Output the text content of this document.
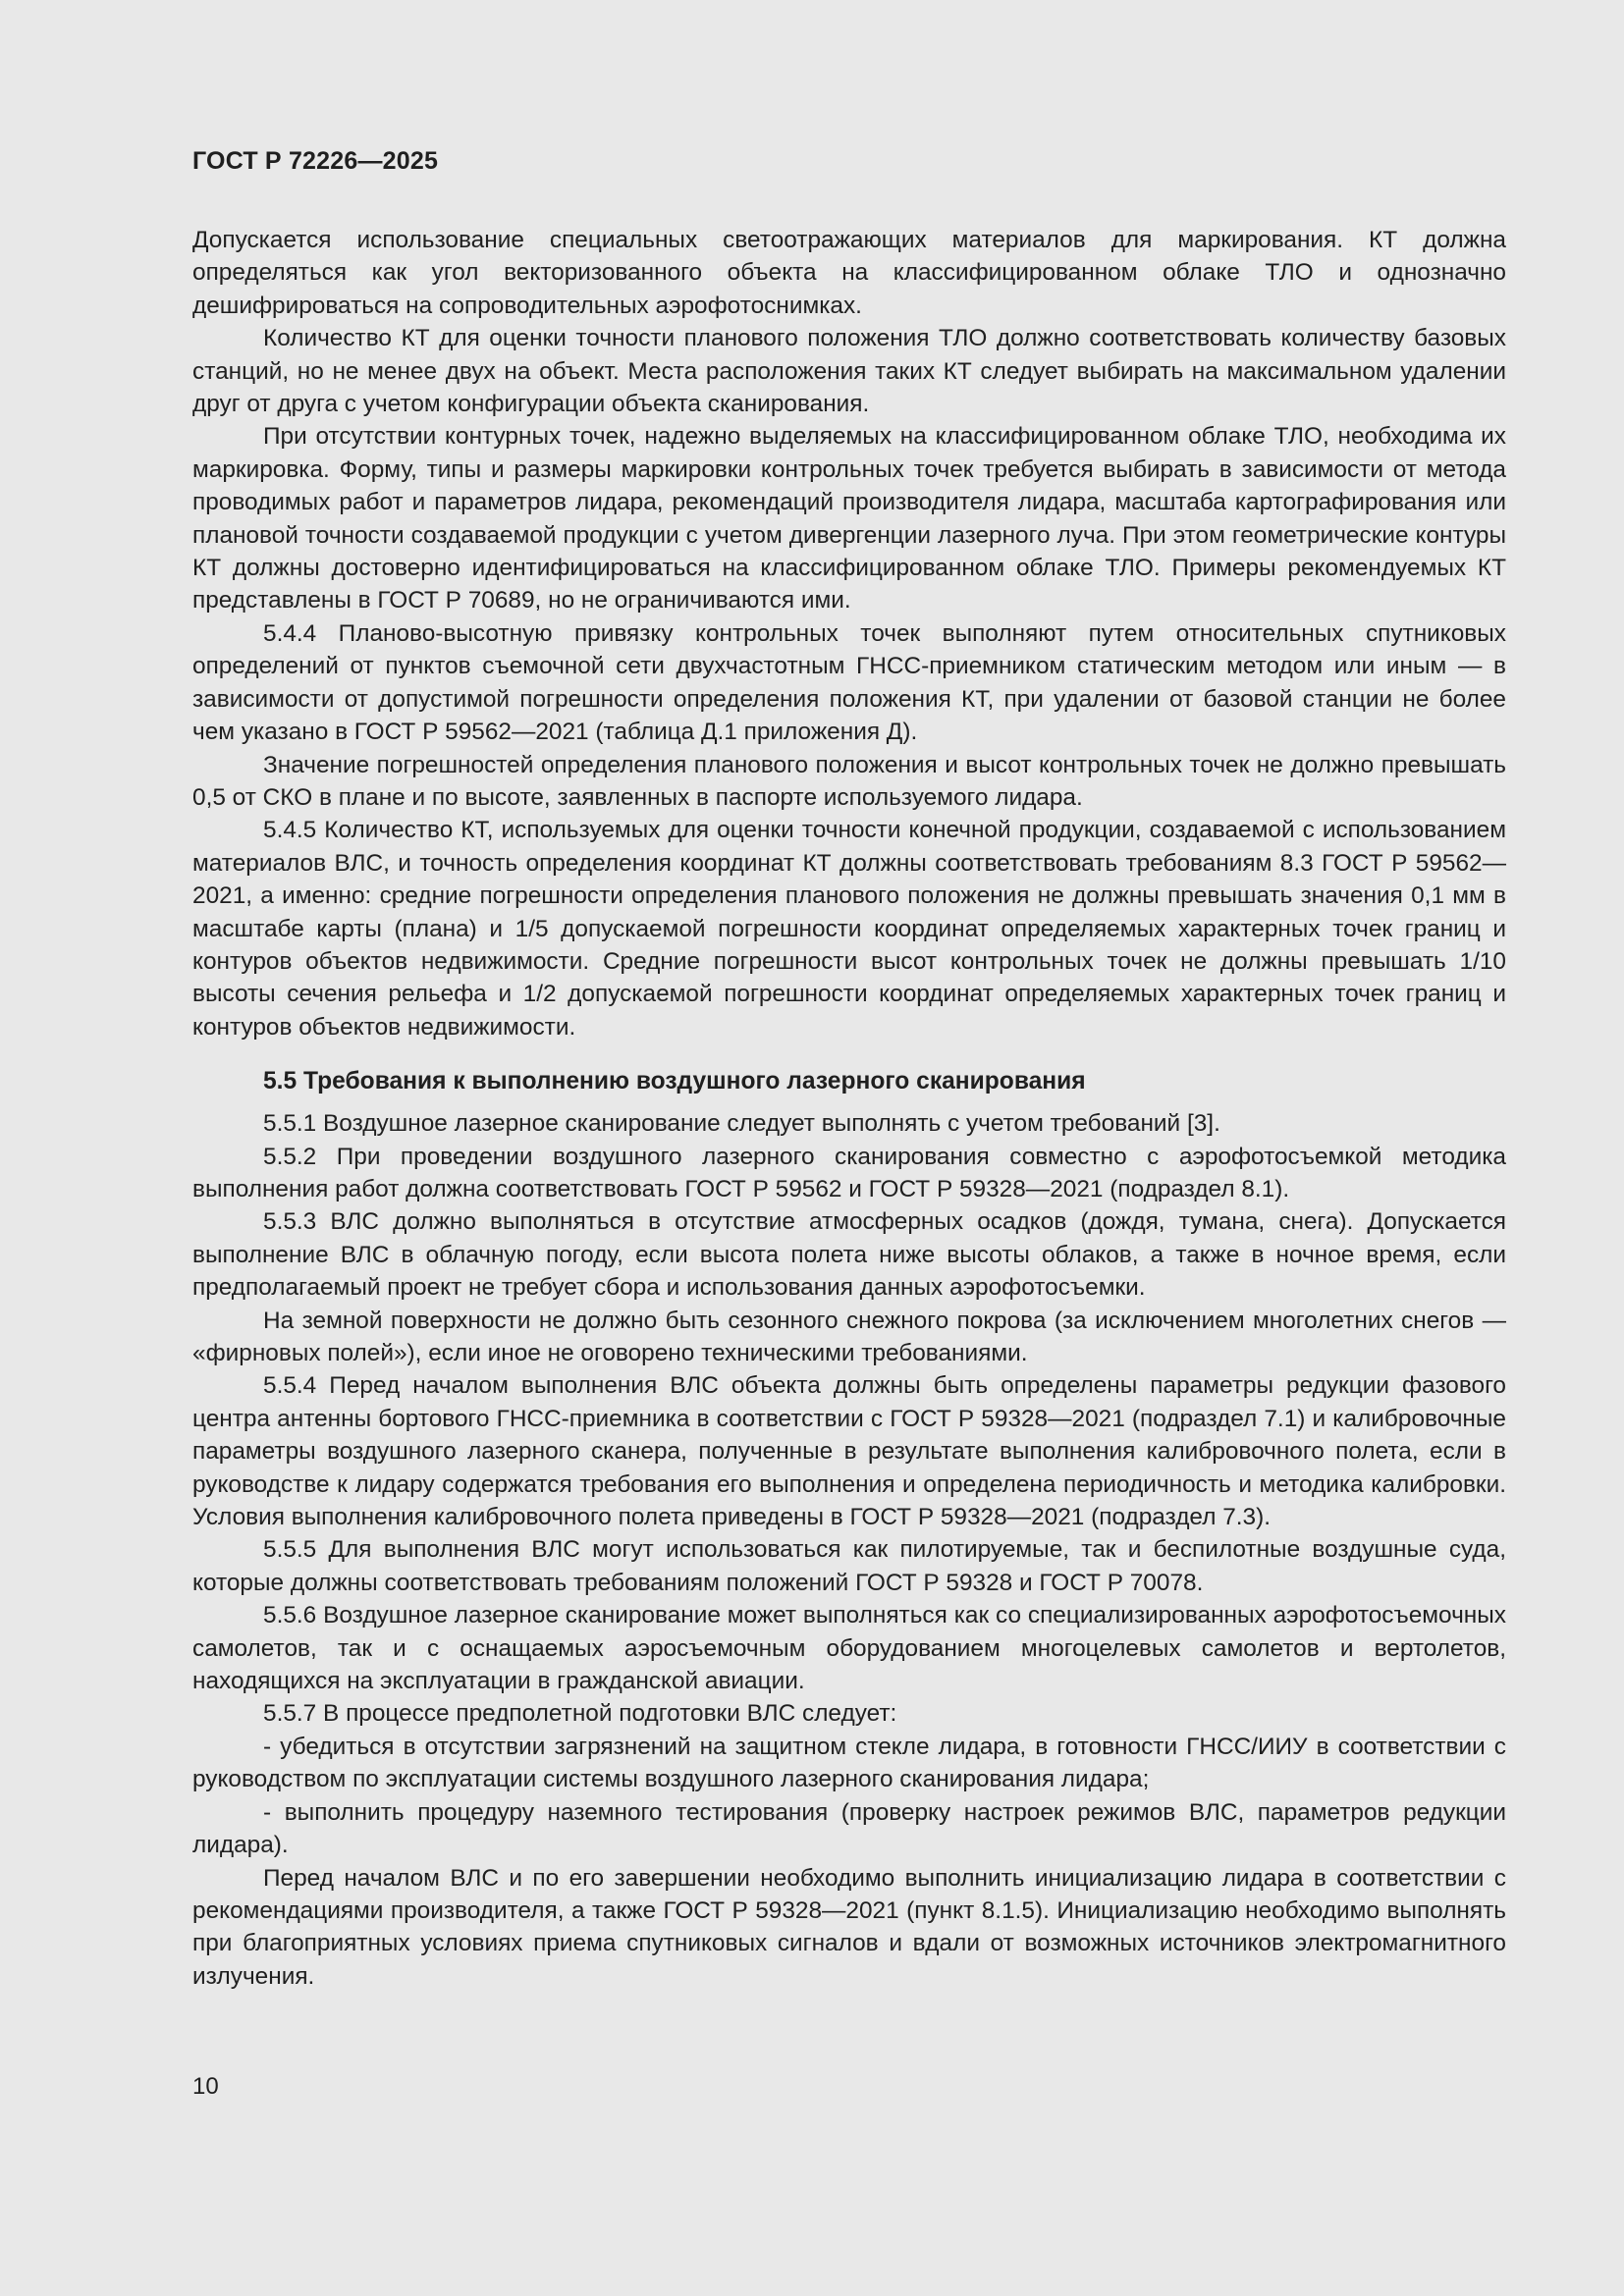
ГОСТ Р 72226—2025

Допускается использование специальных светоотражающих материалов для маркирования. КТ должна определяться как угол векторизованного объекта на классифицированном облаке ТЛО и однозначно дешифрироваться на сопроводительных аэрофотоснимках.

Количество КТ для оценки точности планового положения ТЛО должно соответствовать количеству базовых станций, но не менее двух на объект. Места расположения таких КТ следует выбирать на максимальном удалении друг от друга с учетом конфигурации объекта сканирования.

При отсутствии контурных точек, надежно выделяемых на классифицированном облаке ТЛО, необходима их маркировка. Форму, типы и размеры маркировки контрольных точек требуется выбирать в зависимости от метода проводимых работ и параметров лидара, рекомендаций производителя лидара, масштаба картографирования или плановой точности создаваемой продукции с учетом дивергенции лазерного луча. При этом геометрические контуры КТ должны достоверно идентифицироваться на классифицированном облаке ТЛО. Примеры рекомендуемых КТ представлены в ГОСТ Р 70689, но не ограничиваются ими.

5.4.4 Планово-высотную привязку контрольных точек выполняют путем относительных спутниковых определений от пунктов съемочной сети двухчастотным ГНСС-приемником статическим методом или иным — в зависимости от допустимой погрешности определения положения КТ, при удалении от базовой станции не более чем указано в ГОСТ Р 59562—2021 (таблица Д.1 приложения Д).

Значение погрешностей определения планового положения и высот контрольных точек не должно превышать 0,5 от СКО в плане и по высоте, заявленных в паспорте используемого лидара.

5.4.5 Количество КТ, используемых для оценки точности конечной продукции, создаваемой с использованием материалов ВЛС, и точность определения координат КТ должны соответствовать требованиям 8.3 ГОСТ Р 59562—2021, а именно: средние погрешности определения планового положения не должны превышать значения 0,1 мм в масштабе карты (плана) и 1/5 допускаемой погрешности координат определяемых характерных точек границ и контуров объектов недвижимости. Средние погрешности высот контрольных точек не должны превышать 1/10 высоты сечения рельефа и 1/2 допускаемой погрешности координат определяемых характерных точек границ и контуров объектов недвижимости.

5.5 Требования к выполнению воздушного лазерного сканирования

5.5.1 Воздушное лазерное сканирование следует выполнять с учетом требований [3].

5.5.2 При проведении воздушного лазерного сканирования совместно с аэрофотосъемкой методика выполнения работ должна соответствовать ГОСТ Р 59562 и ГОСТ Р 59328—2021 (подраздел 8.1).

5.5.3 ВЛС должно выполняться в отсутствие атмосферных осадков (дождя, тумана, снега). Допускается выполнение ВЛС в облачную погоду, если высота полета ниже высоты облаков, а также в ночное время, если предполагаемый проект не требует сбора и использования данных аэрофотосъемки.

На земной поверхности не должно быть сезонного снежного покрова (за исключением многолетних снегов — «фирновых полей»), если иное не оговорено техническими требованиями.

5.5.4 Перед началом выполнения ВЛС объекта должны быть определены параметры редукции фазового центра антенны бортового ГНСС-приемника в соответствии с ГОСТ Р 59328—2021 (подраздел 7.1) и калибровочные параметры воздушного лазерного сканера, полученные в результате выполнения калибровочного полета, если в руководстве к лидару содержатся требования его выполнения и определена периодичность и методика калибровки. Условия выполнения калибровочного полета приведены в ГОСТ Р 59328—2021 (подраздел 7.3).

5.5.5 Для выполнения ВЛС могут использоваться как пилотируемые, так и беспилотные воздушные суда, которые должны соответствовать требованиям положений ГОСТ Р 59328 и ГОСТ Р 70078.

5.5.6 Воздушное лазерное сканирование может выполняться как со специализированных аэрофотосъемочных самолетов, так и с оснащаемых аэросъемочным оборудованием многоцелевых самолетов и вертолетов, находящихся на эксплуатации в гражданской авиации.

5.5.7 В процессе предполетной подготовки ВЛС следует:

- убедиться в отсутствии загрязнений на защитном стекле лидара, в готовности ГНСС/ИИУ в соответствии с руководством по эксплуатации системы воздушного лазерного сканирования лидара;

- выполнить процедуру наземного тестирования (проверку настроек режимов ВЛС, параметров редукции лидара).

Перед началом ВЛС и по его завершении необходимо выполнить инициализацию лидара в соответствии с рекомендациями производителя, а также ГОСТ Р 59328—2021 (пункт 8.1.5). Инициализацию необходимо выполнять при благоприятных условиях приема спутниковых сигналов и вдали от возможных источников электромагнитного излучения.

10
